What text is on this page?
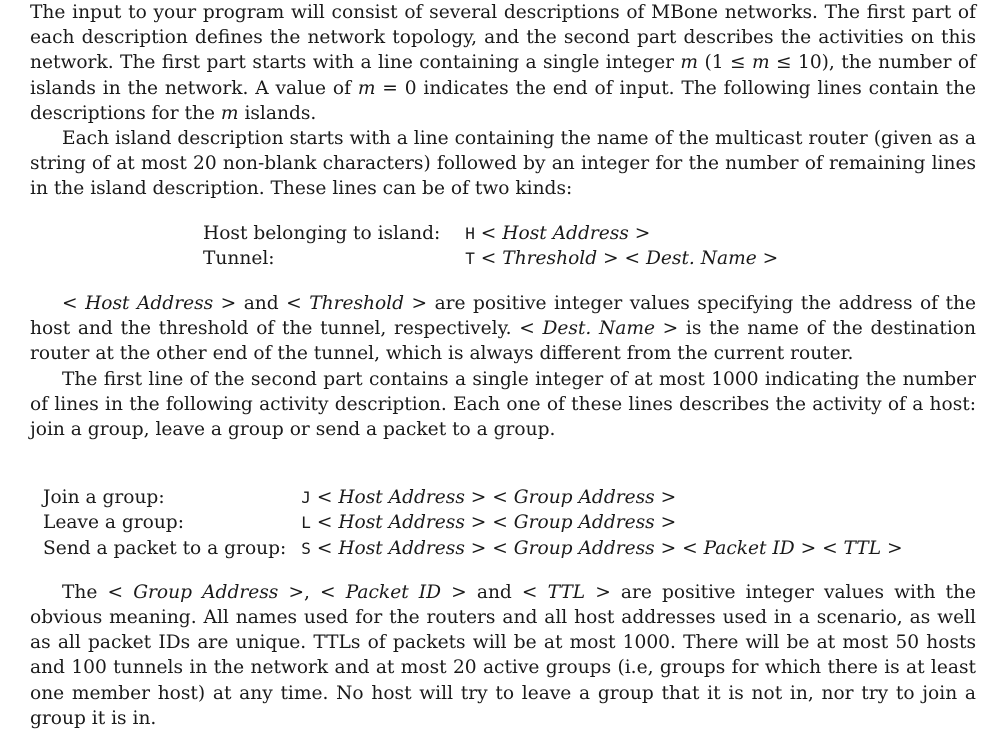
The input to your program will consist of several descriptions of MBone networks. The first part of each description defines the network topology, and the second part describes the activities on this network. The first part starts with a line containing a single integer m (1 ≤ m ≤ 10), the number of islands in the network. A value of m = 0 indicates the end of input. The following lines contain the descriptions for the m islands.

Each island description starts with a line containing the name of the multicast router (given as a string of at most 20 non-blank characters) followed by an integer for the number of remaining lines in the island description. These lines can be of two kinds:

Host belonging to island:	H < Host Address >
Tunnel:	T < Threshold > < Dest. Name >

< Host Address > and < Threshold > are positive integer values specifying the address of the host and the threshold of the tunnel, respectively. < Dest. Name > is the name of the destination router at the other end of the tunnel, which is always different from the current router.

The first line of the second part contains a single integer of at most 1000 indicating the number of lines in the following activity description. Each one of these lines describes the activity of a host: join a group, leave a group or send a packet to a group.

Join a group:	J < Host Address > < Group Address >
Leave a group:	L < Host Address > < Group Address >
Send a packet to a group:	S < Host Address > < Group Address > < Packet ID > < TTL >

The < Group Address >, < Packet ID > and < TTL > are positive integer values with the obvious meaning. All names used for the routers and all host addresses used in a scenario, as well as all packet IDs are unique. TTLs of packets will be at most 1000. There will be at most 50 hosts and 100 tunnels in the network and at most 20 active groups (i.e, groups for which there is at least one member host) at any time. No host will try to leave a group that it is not in, nor try to join a group it is in.
